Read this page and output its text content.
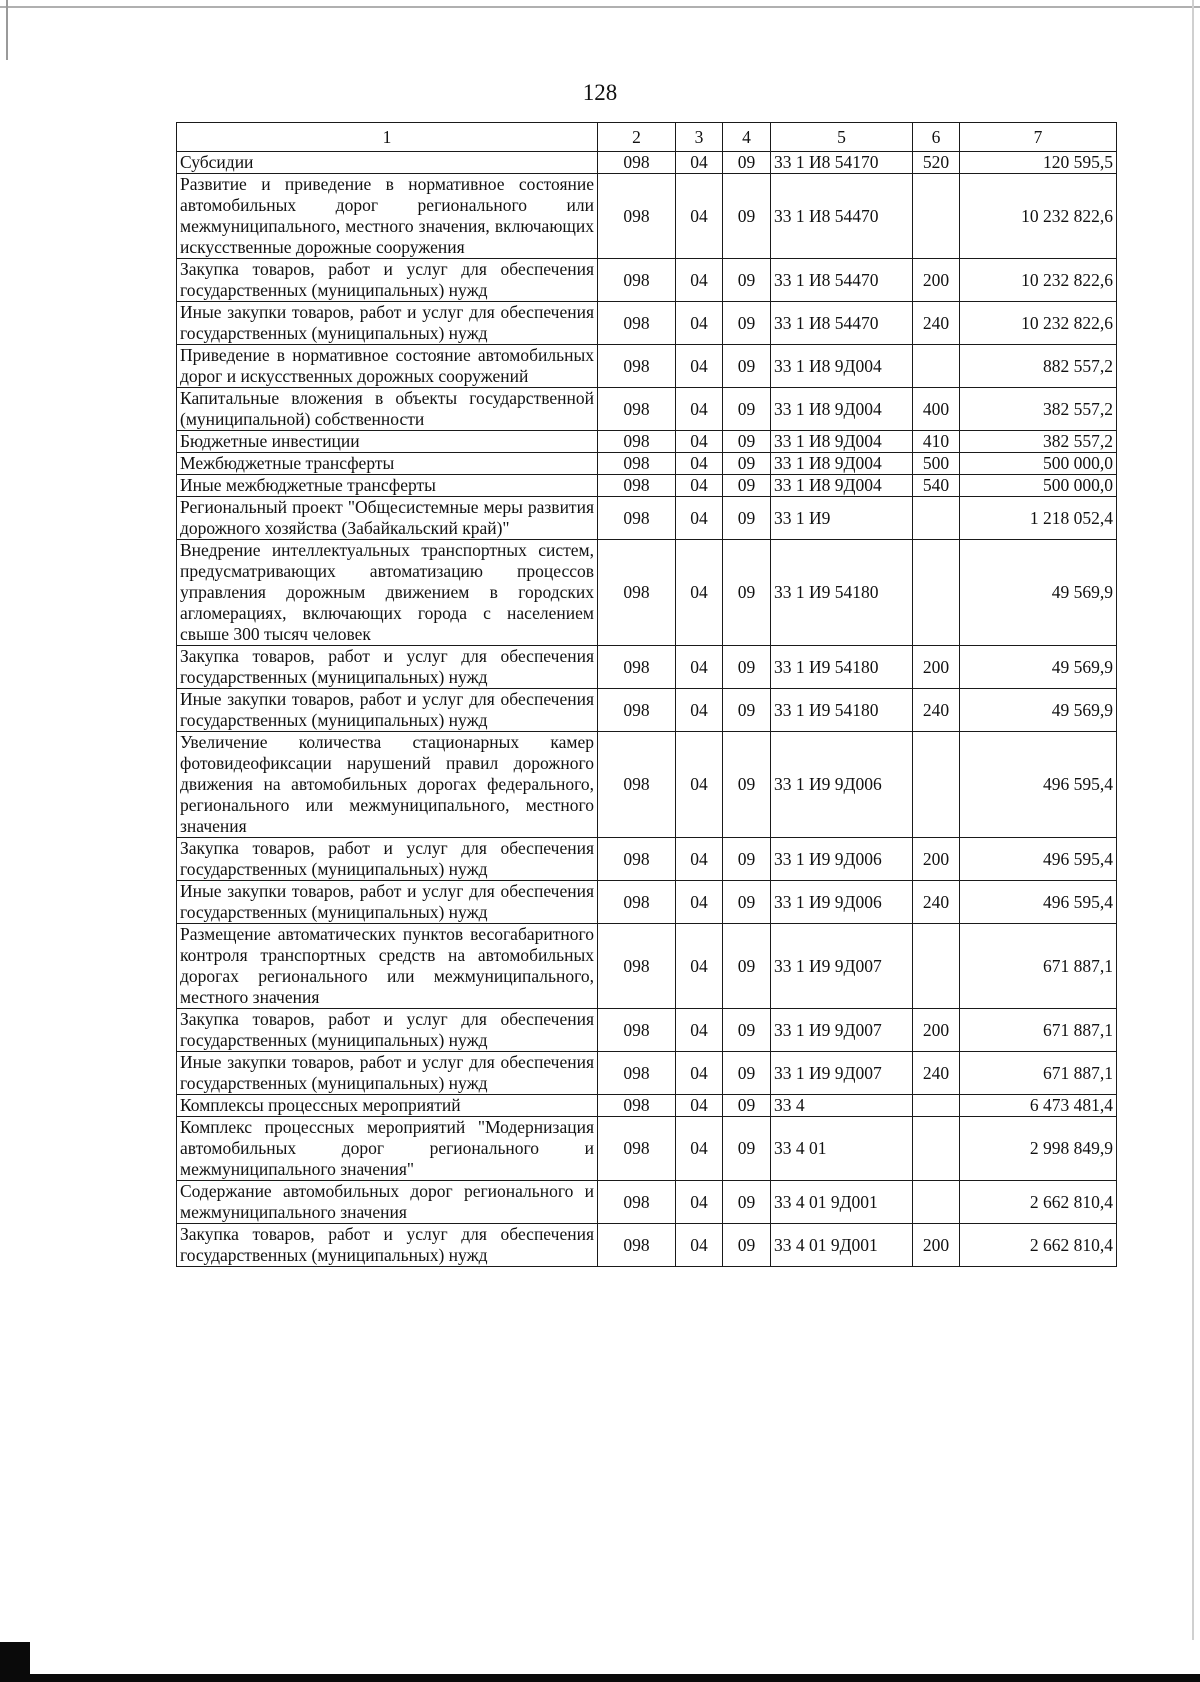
128
1	2	3	4	5	6	7
Субсидии	098	04	09	33 1 И8 54170	520	120 595,5
Развитие и приведение в нормативное состояние автомобильных дорог регионального или межмуниципального, местного значения, включающих искусственные дорожные сооружения	098	04	09	33 1 И8 54470		10 232 822,6
Закупка товаров, работ и услуг для обеспечения государственных (муниципальных) нужд	098	04	09	33 1 И8 54470	200	10 232 822,6
Иные закупки товаров, работ и услуг для обеспечения государственных (муниципальных) нужд	098	04	09	33 1 И8 54470	240	10 232 822,6
Приведение в нормативное состояние автомобильных дорог и искусственных дорожных сооружений	098	04	09	33 1 И8 9Д004		882 557,2
Капитальные вложения в объекты государственной (муниципальной) собственности	098	04	09	33 1 И8 9Д004	400	382 557,2
Бюджетные инвестиции	098	04	09	33 1 И8 9Д004	410	382 557,2
Межбюджетные трансферты	098	04	09	33 1 И8 9Д004	500	500 000,0
Иные межбюджетные трансферты	098	04	09	33 1 И8 9Д004	540	500 000,0
Региональный проект "Общесистемные меры развития дорожного хозяйства (Забайкальский край)"	098	04	09	33 1 И9		1 218 052,4
Внедрение интеллектуальных транспортных систем, предусматривающих автоматизацию процессов управления дорожным движением в городских агломерациях, включающих города с населением свыше 300 тысяч человек	098	04	09	33 1 И9 54180		49 569,9
Закупка товаров, работ и услуг для обеспечения государственных (муниципальных) нужд	098	04	09	33 1 И9 54180	200	49 569,9
Иные закупки товаров, работ и услуг для обеспечения государственных (муниципальных) нужд	098	04	09	33 1 И9 54180	240	49 569,9
Увеличение количества стационарных камер фотовидеофиксации нарушений правил дорожного движения на автомобильных дорогах федерального, регионального или межмуниципального, местного значения	098	04	09	33 1 И9 9Д006		496 595,4
Закупка товаров, работ и услуг для обеспечения государственных (муниципальных) нужд	098	04	09	33 1 И9 9Д006	200	496 595,4
Иные закупки товаров, работ и услуг для обеспечения государственных (муниципальных) нужд	098	04	09	33 1 И9 9Д006	240	496 595,4
Размещение автоматических пунктов весогабаритного контроля транспортных средств на автомобильных дорогах регионального или межмуниципального, местного значения	098	04	09	33 1 И9 9Д007		671 887,1
Закупка товаров, работ и услуг для обеспечения государственных (муниципальных) нужд	098	04	09	33 1 И9 9Д007	200	671 887,1
Иные закупки товаров, работ и услуг для обеспечения государственных (муниципальных) нужд	098	04	09	33 1 И9 9Д007	240	671 887,1
Комплексы процессных мероприятий	098	04	09	33 4		6 473 481,4
Комплекс процессных мероприятий "Модернизация автомобильных дорог регионального и межмуниципального значения"	098	04	09	33 4 01		2 998 849,9
Содержание автомобильных дорог регионального и межмуниципального значения	098	04	09	33 4 01 9Д001		2 662 810,4
Закупка товаров, работ и услуг для обеспечения государственных (муниципальных) нужд	098	04	09	33 4 01 9Д001	200	2 662 810,4
